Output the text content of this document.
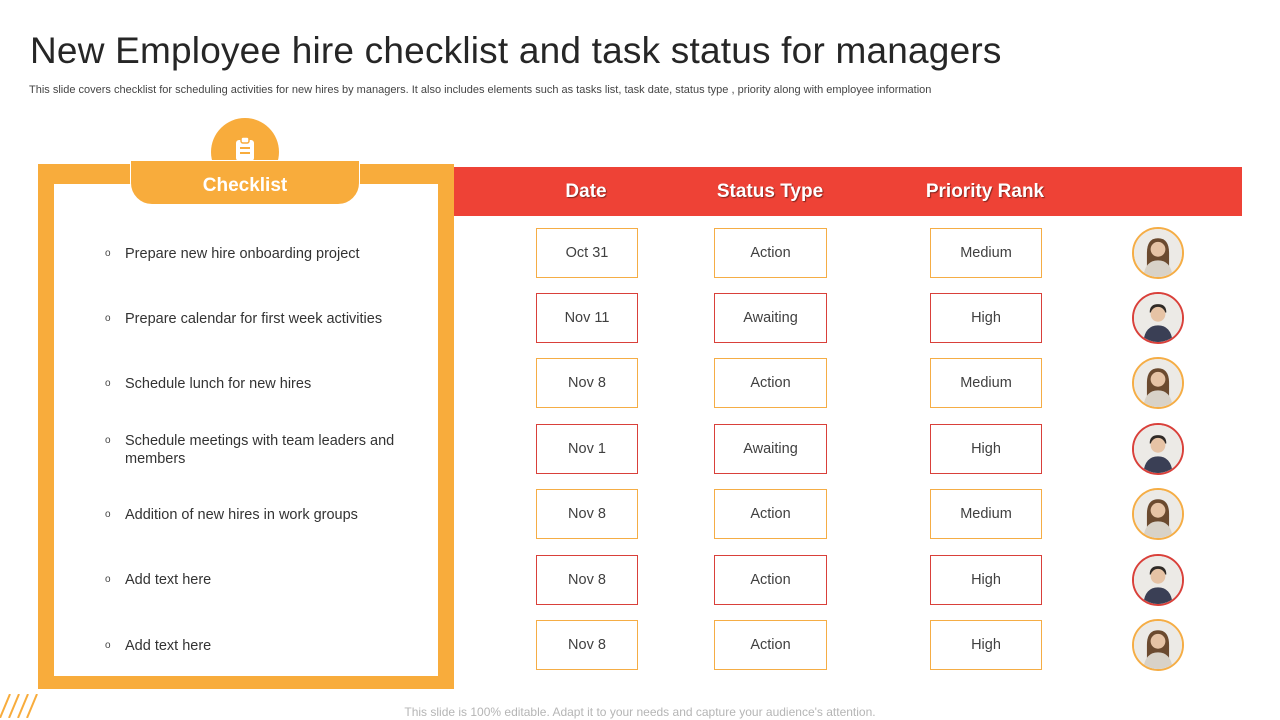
New Employee hire checklist and task status for managers

This slide covers checklist for scheduling activities for new hires by managers. It also includes elements such as tasks list, task date, status type , priority along with employee information

Checklist
o Prepare new hire onboarding project
o Prepare calendar for first week activities
o Schedule lunch for new hires
o Schedule meetings with team leaders and members
o Addition of new hires in work groups
o Add text here
o Add text here
Date	Status Type	Priority Rank
Oct 31	Action	Medium
Nov 11	Awaiting	High
Nov 8	Action	Medium
Nov 1	Awaiting	High
Nov 8	Action	Medium
Nov 8	Action	High
Nov 8	Action	High
This slide is 100% editable. Adapt it to your needs and capture your audience's attention.
